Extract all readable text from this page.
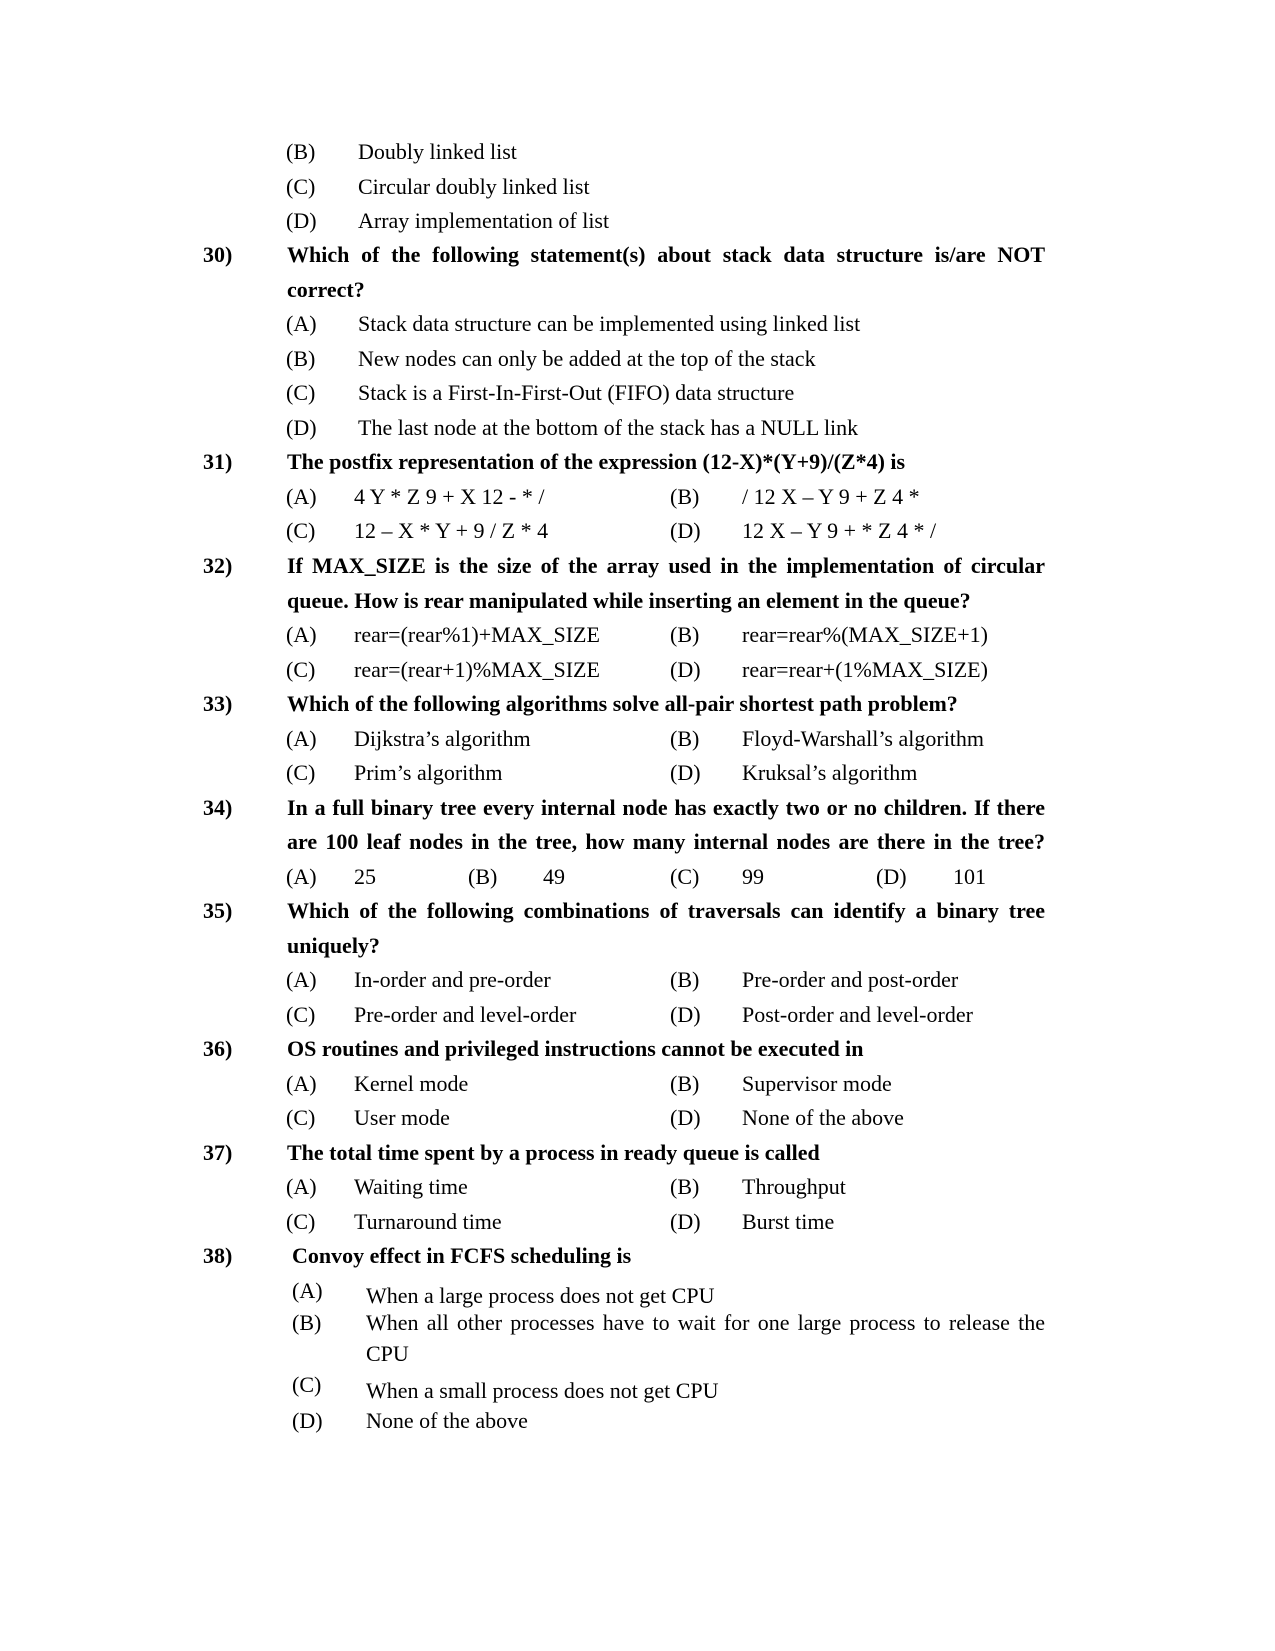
(B) Doubly linked list
(C) Circular doubly linked list
(D) Array implementation of list
30) Which of the following statement(s) about stack data structure is/are NOT
correct?
(A) Stack data structure can be implemented using linked list
(B) New nodes can only be added at the top of the stack
(C) Stack is a First-In-First-Out (FIFO) data structure
(D) The last node at the bottom of the stack has a NULL link
31) The postfix representation of the expression (12-X)*(Y+9)/(Z*4) is
(A) 4 Y * Z 9 + X 12 - * /	(B) / 12 X – Y 9 + Z 4 *
(C) 12 – X * Y + 9 / Z * 4	(D) 12 X – Y 9 + * Z 4 * /
32) If MAX_SIZE is the size of the array used in the implementation of circular
queue. How is rear manipulated while inserting an element in the queue?
(A) rear=(rear%1)+MAX_SIZE	(B) rear=rear%(MAX_SIZE+1)
(C) rear=(rear+1)%MAX_SIZE	(D) rear=rear+(1%MAX_SIZE)
33) Which of the following algorithms solve all-pair shortest path problem?
(A) Dijkstra’s algorithm	(B) Floyd-Warshall’s algorithm
(C) Prim’s algorithm	(D) Kruksal’s algorithm
34) In a full binary tree every internal node has exactly two or no children. If there
are 100 leaf nodes in the tree, how many internal nodes are there in the tree?
(A) 25	(B) 49	(C) 99	(D) 101
35) Which of the following combinations of traversals can identify a binary tree
uniquely?
(A) In-order and pre-order	(B) Pre-order and post-order
(C) Pre-order and level-order	(D) Post-order and level-order
36) OS routines and privileged instructions cannot be executed in
(A) Kernel mode	(B) Supervisor mode
(C) User mode	(D) None of the above
37) The total time spent by a process in ready queue is called
(A) Waiting time	(B) Throughput
(C) Turnaround time	(D) Burst time
38)	Convoy effect in FCFS scheduling is
(A) When a large process does not get CPU
(B) When all other processes have to wait for one large process to release the
CPU
(C) When a small process does not get CPU
(D) None of the above
